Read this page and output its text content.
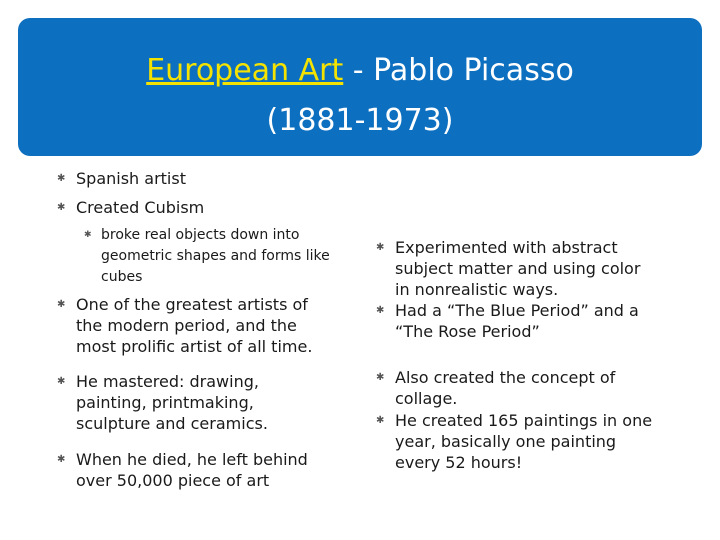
European Art - Pablo Picasso
(1881-1973)
✱ Spanish artist
✱ Created Cubism
✱ broke real objects down into geometric shapes and forms like cubes
✱ One of the greatest artists of the modern period, and the most prolific artist of all time.
✱ He mastered: drawing, painting, printmaking, sculpture and ceramics.
✱ When he died, he left behind over 50,000 piece of art
✱ Experimented with abstract subject matter and using color in nonrealistic ways.
✱ Had a “The Blue Period” and a “The Rose Period”
✱ Also created the concept of collage.
✱ He created 165 paintings in one year, basically one painting every 52 hours!
